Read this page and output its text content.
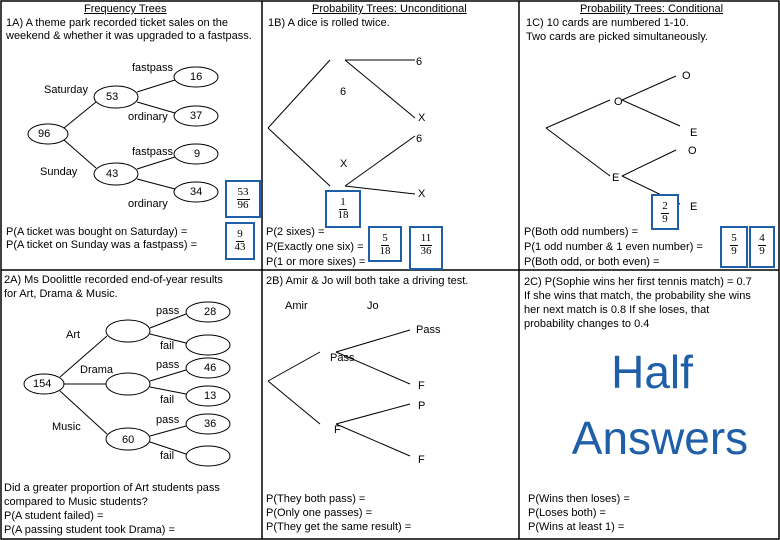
Frequency Trees
1A) A theme park recorded ticket sales on the
weekend & whether it was upgraded to a fastpass.
96
Saturday
53
Sunday	43
fastpass
16
ordinary 37
fastpass 9
ordinary
34
P(A ticket was bought on Saturday) =
P(A ticket on Sunday was a fastpass) =
$\frac{53}{96}$
$\frac{9}{43}$
Probability Trees: Unconditional
1B) A dice is rolled twice.
6
6
X
6
X
X
P(2 sixes) =
P(Exactly one six) =
P(1 or more sixes) =
$\frac{1}{18}$
$\frac{5}{18} \frac{11}{36}$
Probability Trees: Conditional
1C) 10 cards are numbered 1-10.
Two cards are picked simultaneously.
O
O
E
O
E
E
P(Both odd numbers) =
P(1 odd number & 1 even number) =
P(Both odd, or both even) =
$\frac{2}{9}$
$\frac{5}{9} \frac{4}{9}$
2A) Ms Doolittle recorded end-of-year results
for Art, Drama & Music.
154
Art
Drama
Music
60
pass 28
fail
pass 46
fail	13
pass 36
fail
Did a greater proportion of Art students pass
compared to Music students?
P(A student failed) =
P(A passing student took Drama) =
2B) Amir & Jo will both take a driving test.
Amir	Jo
Pass
Pass
F
P
F
F
P(They both pass) =
P(Only one passes) =
P(They get the same result) =
2C) P(Sophie wins her first tennis match) = 0.7
If she wins that match, the probability she wins
her next match is 0.8 If she loses, that
probability changes to 0.4
Half
Answers
P(Wins then loses) =
P(Loses both) =
P(Wins at least 1) =
